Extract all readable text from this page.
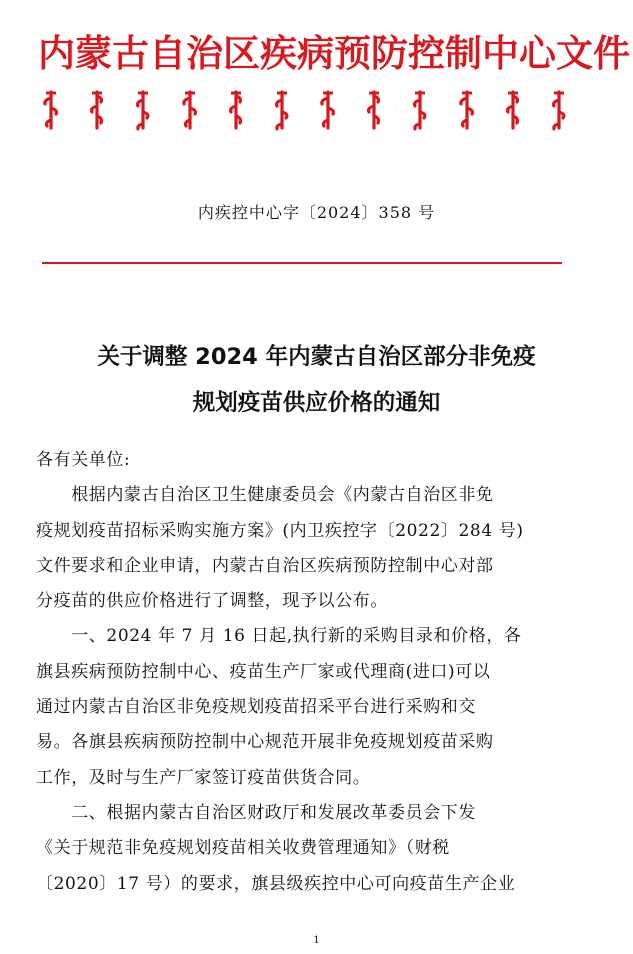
内蒙古自治区疾病预防控制中心文件
内疾控中心字〔2024〕358 号
关于调整 2024 年内蒙古自治区部分非免疫
规划疫苗供应价格的通知
各有关单位:
　　根据内蒙古自治区卫生健康委员会《内蒙古自治区非免
疫规划疫苗招标采购实施方案》(内卫疾控字〔2022〕284 号)
文件要求和企业申请，内蒙古自治区疾病预防控制中心对部
分疫苗的供应价格进行了调整，现予以公布。
　　一、2024 年 7 月 16 日起,执行新的采购目录和价格，各
旗县疾病预防控制中心、疫苗生产厂家或代理商(进口)可以
通过内蒙古自治区非免疫规划疫苗招采平台进行采购和交
易。各旗县疾病预防控制中心规范开展非免疫规划疫苗采购
工作，及时与生产厂家签订疫苗供货合同。
　　二、根据内蒙古自治区财政厅和发展改革委员会下发
《关于规范非免疫规划疫苗相关收费管理通知》（财税
〔2020〕17 号）的要求，旗县级疾控中心可向疫苗生产企业
1
